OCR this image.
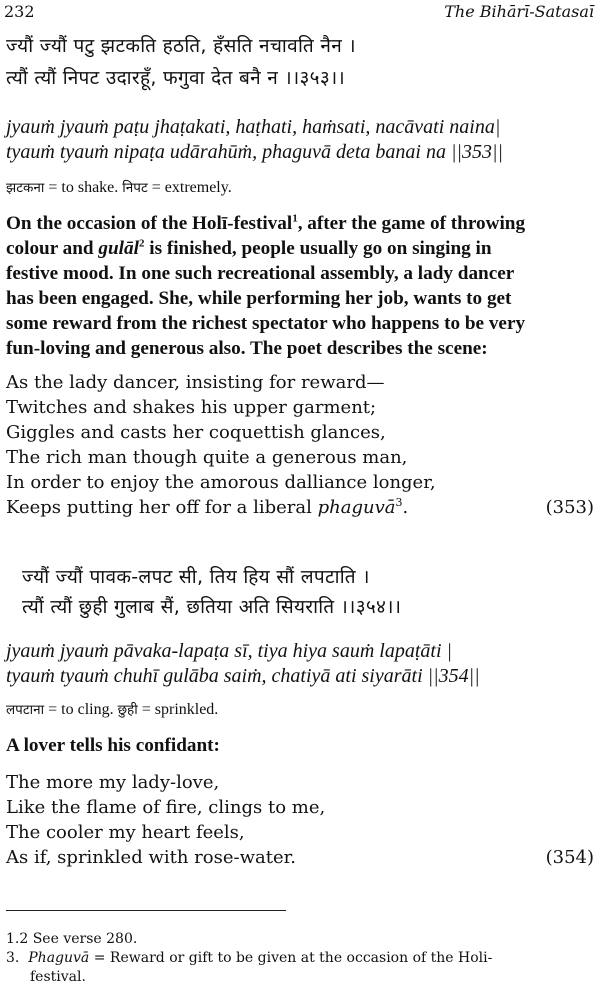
232	The Bihārī-Satasaī
ज्यौं ज्यौं पटु झटकति हठति, हँसति नचावति नैन ।
त्यौं त्यौं निपट उदारहूँ, फगुवा देत बनै न ।।३५३।।
jyauṁ jyauṁ paṭu jhaṭakati, haṭhati, haṁsati, nacāvati naina|
tyauṁ tyauṁ nipaṭa udārahūṁ, phaguvā deta banai na ||353||
झटकना = to shake. निपट = extremely.
On the occasion of the Holī-festival$^1$, after the game of throwing
colour and gulāl$^2$ is finished, people usually go on singing in
festive mood. In one such recreational assembly, a lady dancer
has been engaged. She, while performing her job, wants to get
some reward from the richest spectator who happens to be very
fun-loving and generous also. The poet describes the scene:
As the lady dancer, insisting for reward—
Twitches and shakes his upper garment;
Giggles and casts her coquettish glances,
The rich man though quite a generous man,
In order to enjoy the amorous dalliance longer,
Keeps putting her off for a liberal phaguvā$^3$.	(353)
ज्यौं ज्यौं पावक-लपट सी, तिय हिय सौं लपटाति ।
त्यौं त्यौं छुही गुलाब सैं, छतिया अति सियराति ।।३५४।।
jyauṁ jyauṁ pāvaka-lapaṭa sī, tiya hiya sauṁ lapaṭāti |
tyauṁ tyauṁ chuhī gulāba saiṁ, chatiyā ati siyarāti ||354||
लपटाना = to cling. छुही = sprinkled.
A lover tells his confidant:
The more my lady-love,
Like the flame of fire, clings to me,
The cooler my heart feels,
As if, sprinkled with rose-water.	(354)
1.2 See verse 280.
3. Phaguvā = Reward or gift to be given at the occasion of the Holi-
festival.
